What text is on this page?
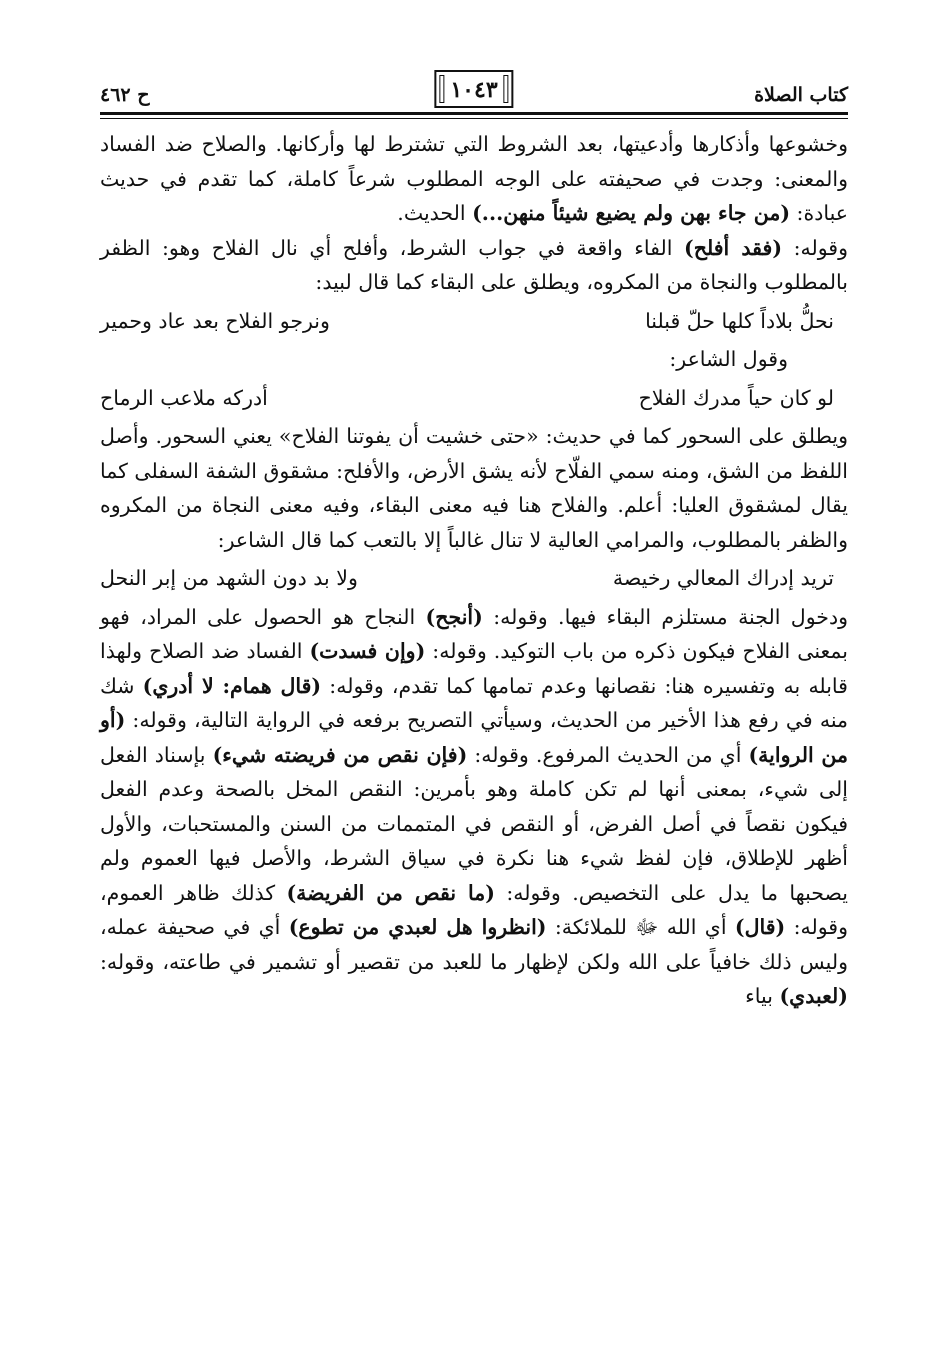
كتاب الصلاة
١٠٤٣
ح ٤٦٢

وخشوعها وأذكارها وأدعيتها، بعد الشروط التي تشترط لها وأركانها. والصلاح ضد الفساد والمعنى: وجدت في صحيفته على الوجه المطلوب شرعاً كاملة، كما تقدم في حديث عبادة: (من جاء بهن ولم يضيع شيئاً منهن...) الحديث.

وقوله: (فقد أفلح) الفاء واقعة في جواب الشرط، وأفلح أي نال الفلاح وهو: الظفر بالمطلوب والنجاة من المكروه، ويطلق على البقاء كما قال لبيد:

نحلُّ بلاداً كلها حلّ قبلنا
ونرجو الفلاح بعد عاد وحمير

وقول الشاعر:

لو كان حياً مدرك الفلاح
أدركه ملاعب الرماح

ويطلق على السحور كما في حديث: «حتى خشيت أن يفوتنا الفلاح» يعني السحور. وأصل اللفظ من الشق، ومنه سمي الفلّاح لأنه يشق الأرض، والأفلح: مشقوق الشفة السفلى كما يقال لمشقوق العليا: أعلم. والفلاح هنا فيه معنى البقاء، وفيه معنى النجاة من المكروه والظفر بالمطلوب، والمرامي العالية لا تنال غالباً إلا بالتعب كما قال الشاعر:

تريد إدراك المعالي رخيصة
ولا بد دون الشهد من إبر النحل

ودخول الجنة مستلزم البقاء فيها. وقوله: (أنجح) النجاح هو الحصول على المراد، فهو بمعنى الفلاح فيكون ذكره من باب التوكيد. وقوله: (وإن فسدت) الفساد ضد الصلاح ولهذا قابله به وتفسيره هنا: نقصانها وعدم تمامها كما تقدم، وقوله: (قال همام: لا أدري) شك منه في رفع هذا الأخير من الحديث، وسيأتي التصريح برفعه في الرواية التالية، وقوله: (أو من الرواية) أي من الحديث المرفوع. وقوله: (فإن نقص من فريضته شيء) بإسناد الفعل إلى شيء، بمعنى أنها لم تكن كاملة وهو بأمرين: النقص المخل بالصحة وعدم الفعل فيكون نقصاً في أصل الفرض، أو النقص في المتممات من السنن والمستحبات، والأول أظهر للإطلاق، فإن لفظ شيء هنا نكرة في سياق الشرط، والأصل فيها العموم ولم يصحبها ما يدل على التخصيص. وقوله: (ما نقص من الفريضة) كذلك ظاهر العموم، وقوله: (قال) أي الله ﷻ للملائكة: (انظروا هل لعبدي من تطوع) أي في صحيفة عمله، وليس ذلك خافياً على الله ولكن لإظهار ما للعبد من تقصير أو تشمير في طاعته، وقوله: (لعبدي) بياء
